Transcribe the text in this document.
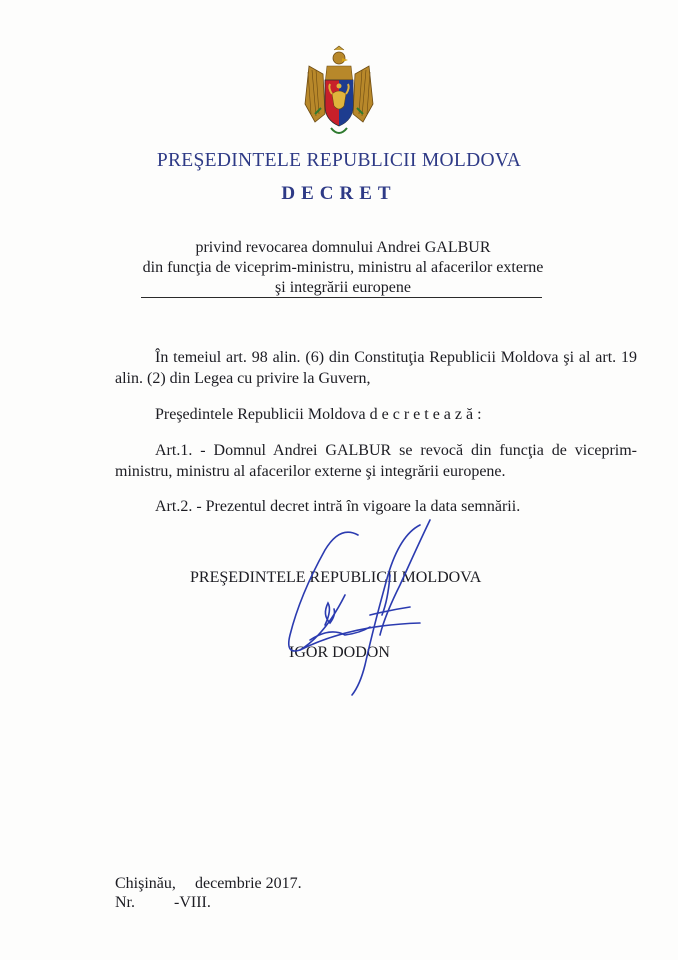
PREŞEDINTELE REPUBLICII MOLDOVA
DECRET
privind revocarea domnului Andrei GALBUR
din funcţia de viceprim-ministru, ministru al afacerilor externe
şi integrării europene
În temeiul art. 98 alin. (6) din Constituţia Republicii Moldova şi al art. 19 alin. (2) din Legea cu privire la Guvern,
Preşedintele Republicii Moldova decretează:
Art.1. - Domnul Andrei GALBUR se revocă din funcţia de viceprim-ministru, ministru al afacerilor externe şi integrării europene.
Art.2. - Prezentul decret intră în vigoare la data semnării.
PREŞEDINTELE REPUBLICII MOLDOVA
IGOR DODON
Chişinău, decembrie 2017.
Nr. -VIII.
